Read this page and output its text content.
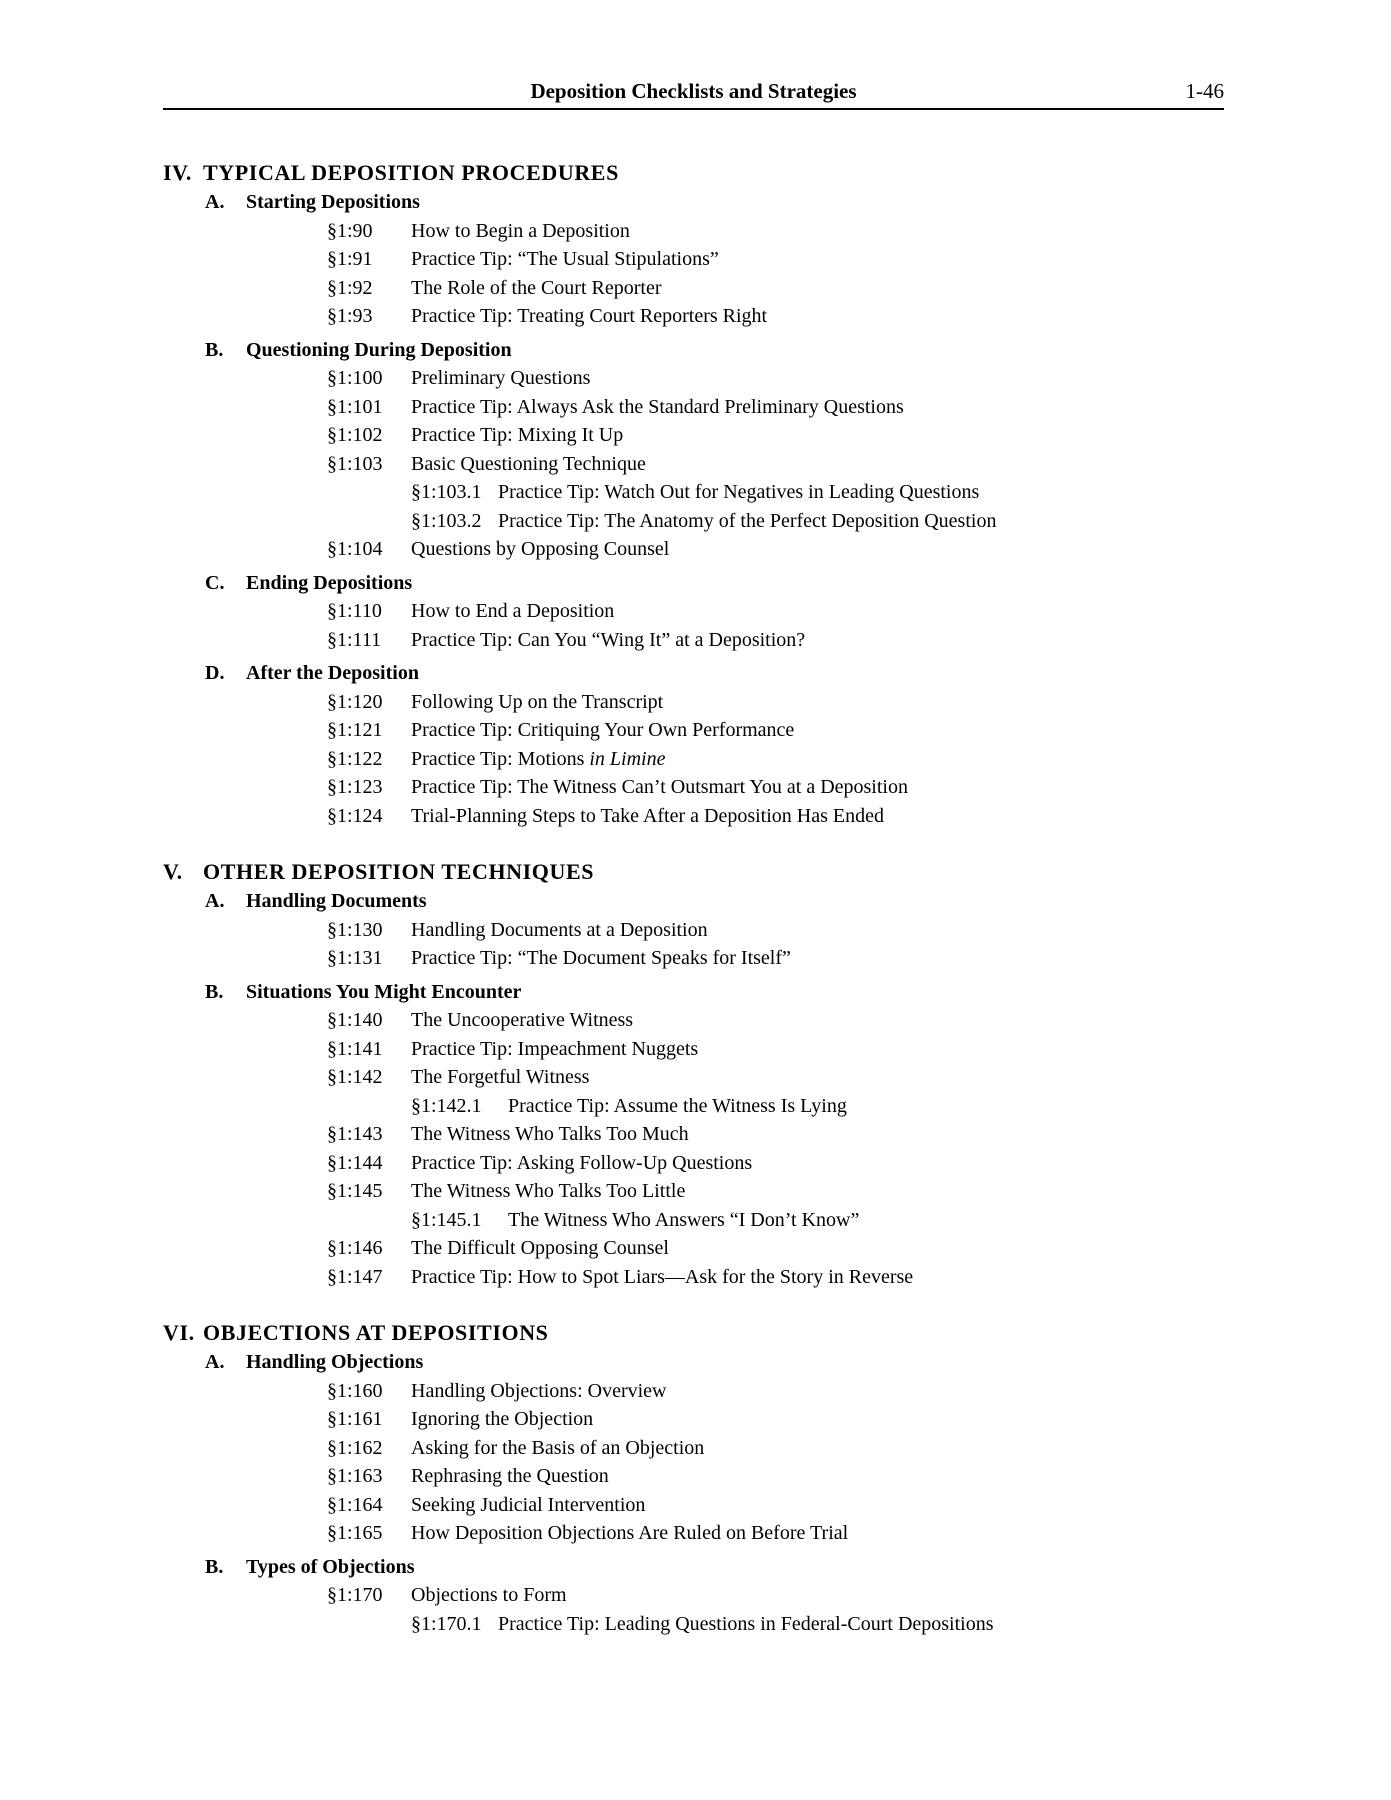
Deposition Checklists and Strategies	1-46
IV. TYPICAL DEPOSITION PROCEDURES
A. Starting Depositions
§1:90 How to Begin a Deposition
§1:91 Practice Tip: “The Usual Stipulations”
§1:92 The Role of the Court Reporter
§1:93 Practice Tip: Treating Court Reporters Right
B. Questioning During Deposition
§1:100 Preliminary Questions
§1:101 Practice Tip: Always Ask the Standard Preliminary Questions
§1:102 Practice Tip: Mixing It Up
§1:103 Basic Questioning Technique
§1:103.1 Practice Tip: Watch Out for Negatives in Leading Questions
§1:103.2 Practice Tip: The Anatomy of the Perfect Deposition Question
§1:104 Questions by Opposing Counsel
C. Ending Depositions
§1:110 How to End a Deposition
§1:111 Practice Tip: Can You “Wing It” at a Deposition?
D. After the Deposition
§1:120 Following Up on the Transcript
§1:121 Practice Tip: Critiquing Your Own Performance
§1:122 Practice Tip: Motions in Limine
§1:123 Practice Tip: The Witness Can’t Outsmart You at a Deposition
§1:124 Trial-Planning Steps to Take After a Deposition Has Ended
V. OTHER DEPOSITION TECHNIQUES
A. Handling Documents
§1:130 Handling Documents at a Deposition
§1:131 Practice Tip: “The Document Speaks for Itself”
B. Situations You Might Encounter
§1:140 The Uncooperative Witness
§1:141 Practice Tip: Impeachment Nuggets
§1:142 The Forgetful Witness
§1:142.1 Practice Tip: Assume the Witness Is Lying
§1:143 The Witness Who Talks Too Much
§1:144 Practice Tip: Asking Follow-Up Questions
§1:145 The Witness Who Talks Too Little
§1:145.1 The Witness Who Answers “I Don’t Know”
§1:146 The Difficult Opposing Counsel
§1:147 Practice Tip: How to Spot Liars—Ask for the Story in Reverse
VI. OBJECTIONS AT DEPOSITIONS
A. Handling Objections
§1:160 Handling Objections: Overview
§1:161 Ignoring the Objection
§1:162 Asking for the Basis of an Objection
§1:163 Rephrasing the Question
§1:164 Seeking Judicial Intervention
§1:165 How Deposition Objections Are Ruled on Before Trial
B. Types of Objections
§1:170 Objections to Form
§1:170.1 Practice Tip: Leading Questions in Federal-Court Depositions
